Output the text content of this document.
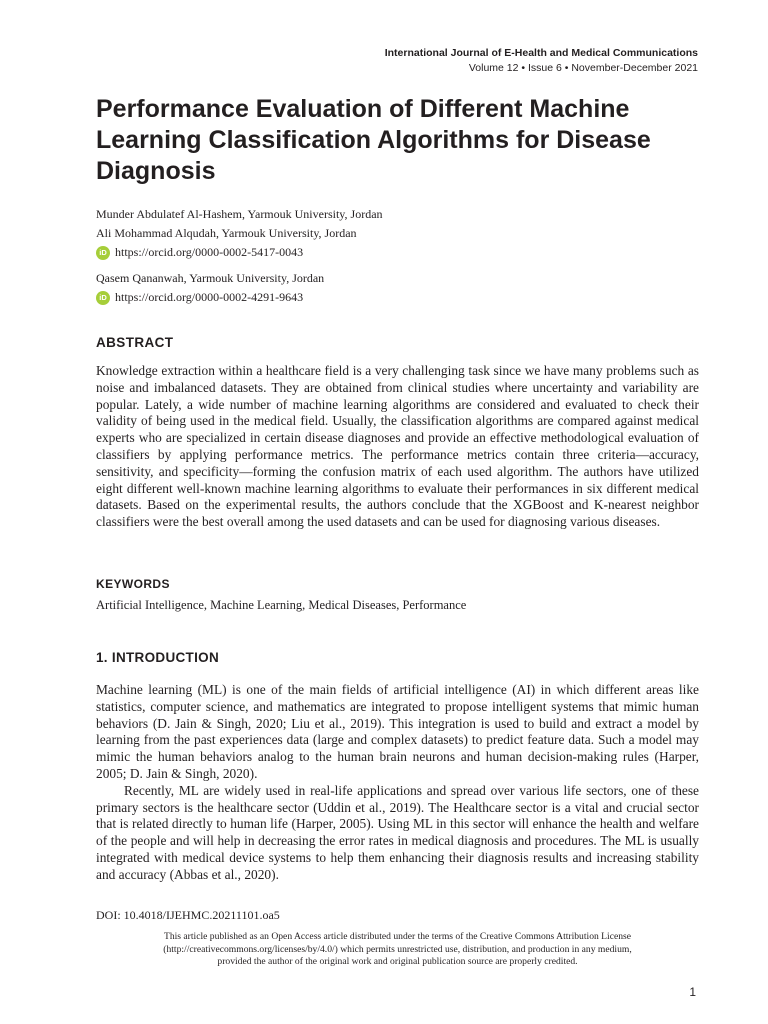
International Journal of E-Health and Medical Communications
Volume 12 • Issue 6 • November-December 2021
Performance Evaluation of Different Machine Learning Classification Algorithms for Disease Diagnosis
Munder Abdulatef Al-Hashem, Yarmouk University, Jordan
Ali Mohammad Alqudah, Yarmouk University, Jordan
iD https://orcid.org/0000-0002-5417-0043
Qasem Qananwah, Yarmouk University, Jordan
iD https://orcid.org/0000-0002-4291-9643
ABSTRACT

Knowledge extraction within a healthcare field is a very challenging task since we have many problems such as noise and imbalanced datasets. They are obtained from clinical studies where uncertainty and variability are popular. Lately, a wide number of machine learning algorithms are considered and evaluated to check their validity of being used in the medical field. Usually, the classification algorithms are compared against medical experts who are specialized in certain disease diagnoses and provide an effective methodological evaluation of classifiers by applying performance metrics. The performance metrics contain three criteria—accuracy, sensitivity, and specificity—forming the confusion matrix of each used algorithm. The authors have utilized eight different well-known machine learning algorithms to evaluate their performances in six different medical datasets. Based on the experimental results, the authors conclude that the XGBoost and K-nearest neighbor classifiers were the best overall among the used datasets and can be used for diagnosing various diseases.

KEYWORDS

Artificial Intelligence, Machine Learning, Medical Diseases, Performance

1. INTRODUCTION

Machine learning (ML) is one of the main fields of artificial intelligence (AI) in which different areas like statistics, computer science, and mathematics are integrated to propose intelligent systems that mimic human behaviors (D. Jain & Singh, 2020; Liu et al., 2019). This integration is used to build and extract a model by learning from the past experiences data (large and complex datasets) to predict feature data. Such a model may mimic the human behaviors analog to the human brain neurons and human decision-making rules (Harper, 2005; D. Jain & Singh, 2020).

Recently, ML are widely used in real-life applications and spread over various life sectors, one of these primary sectors is the healthcare sector (Uddin et al., 2019). The Healthcare sector is a vital and crucial sector that is related directly to human life (Harper, 2005). Using ML in this sector will enhance the health and welfare of the people and will help in decreasing the error rates in medical diagnosis and procedures. The ML is usually integrated with medical device systems to help them enhancing their diagnosis results and increasing stability and accuracy (Abbas et al., 2020).

DOI: 10.4018/IJEHMC.20211101.oa5
This article published as an Open Access article distributed under the terms of the Creative Commons Attribution License
(http://creativecommons.org/licenses/by/4.0/) which permits unrestricted use, distribution, and production in any medium,
provided the author of the original work and original publication source are properly credited.
1
